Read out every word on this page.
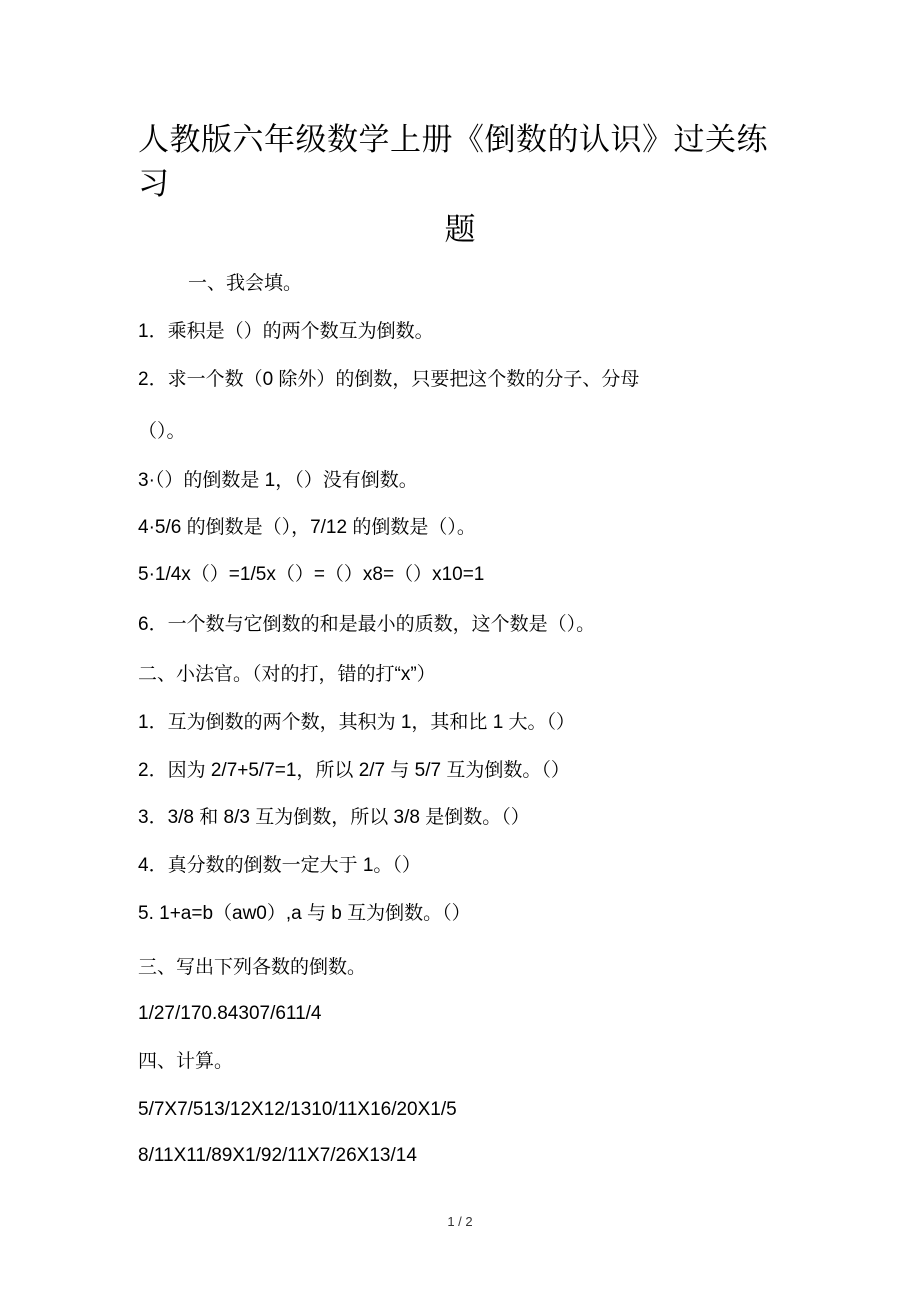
人教版六年级数学上册《倒数的认识》过关练习
题
一、我会填。
1．乘积是（）的两个数互为倒数。
2．求一个数（0 除外）的倒数，只要把这个数的分子、分母
（）。
3·（）的倒数是 1，（）没有倒数。
4·5/6 的倒数是（），7/12 的倒数是（）。
5·1/4x（）=1/5x（）=（）x8=（）x10=1
6．一个数与它倒数的和是最小的质数，这个数是（）。
二、小法官。（对的打，错的打“x”）
1．互为倒数的两个数，其积为 1，其和比 1 大。（）
2．因为 2/7+5/7=1，所以 2/7 与 5/7 互为倒数。（）
3．3/8 和 8/3 互为倒数，所以 3/8 是倒数。（）
4．真分数的倒数一定大于 1。（）
5. 1+a=b（aw0）,a 与 b 互为倒数。（）
三、写出下列各数的倒数。
1/27/170.84307/611/4
四、计算。
5/7X7/513/12X12/1310/11X16/20X1/5
8/11X11/89X1/92/11X7/26X13/14
1 / 2
